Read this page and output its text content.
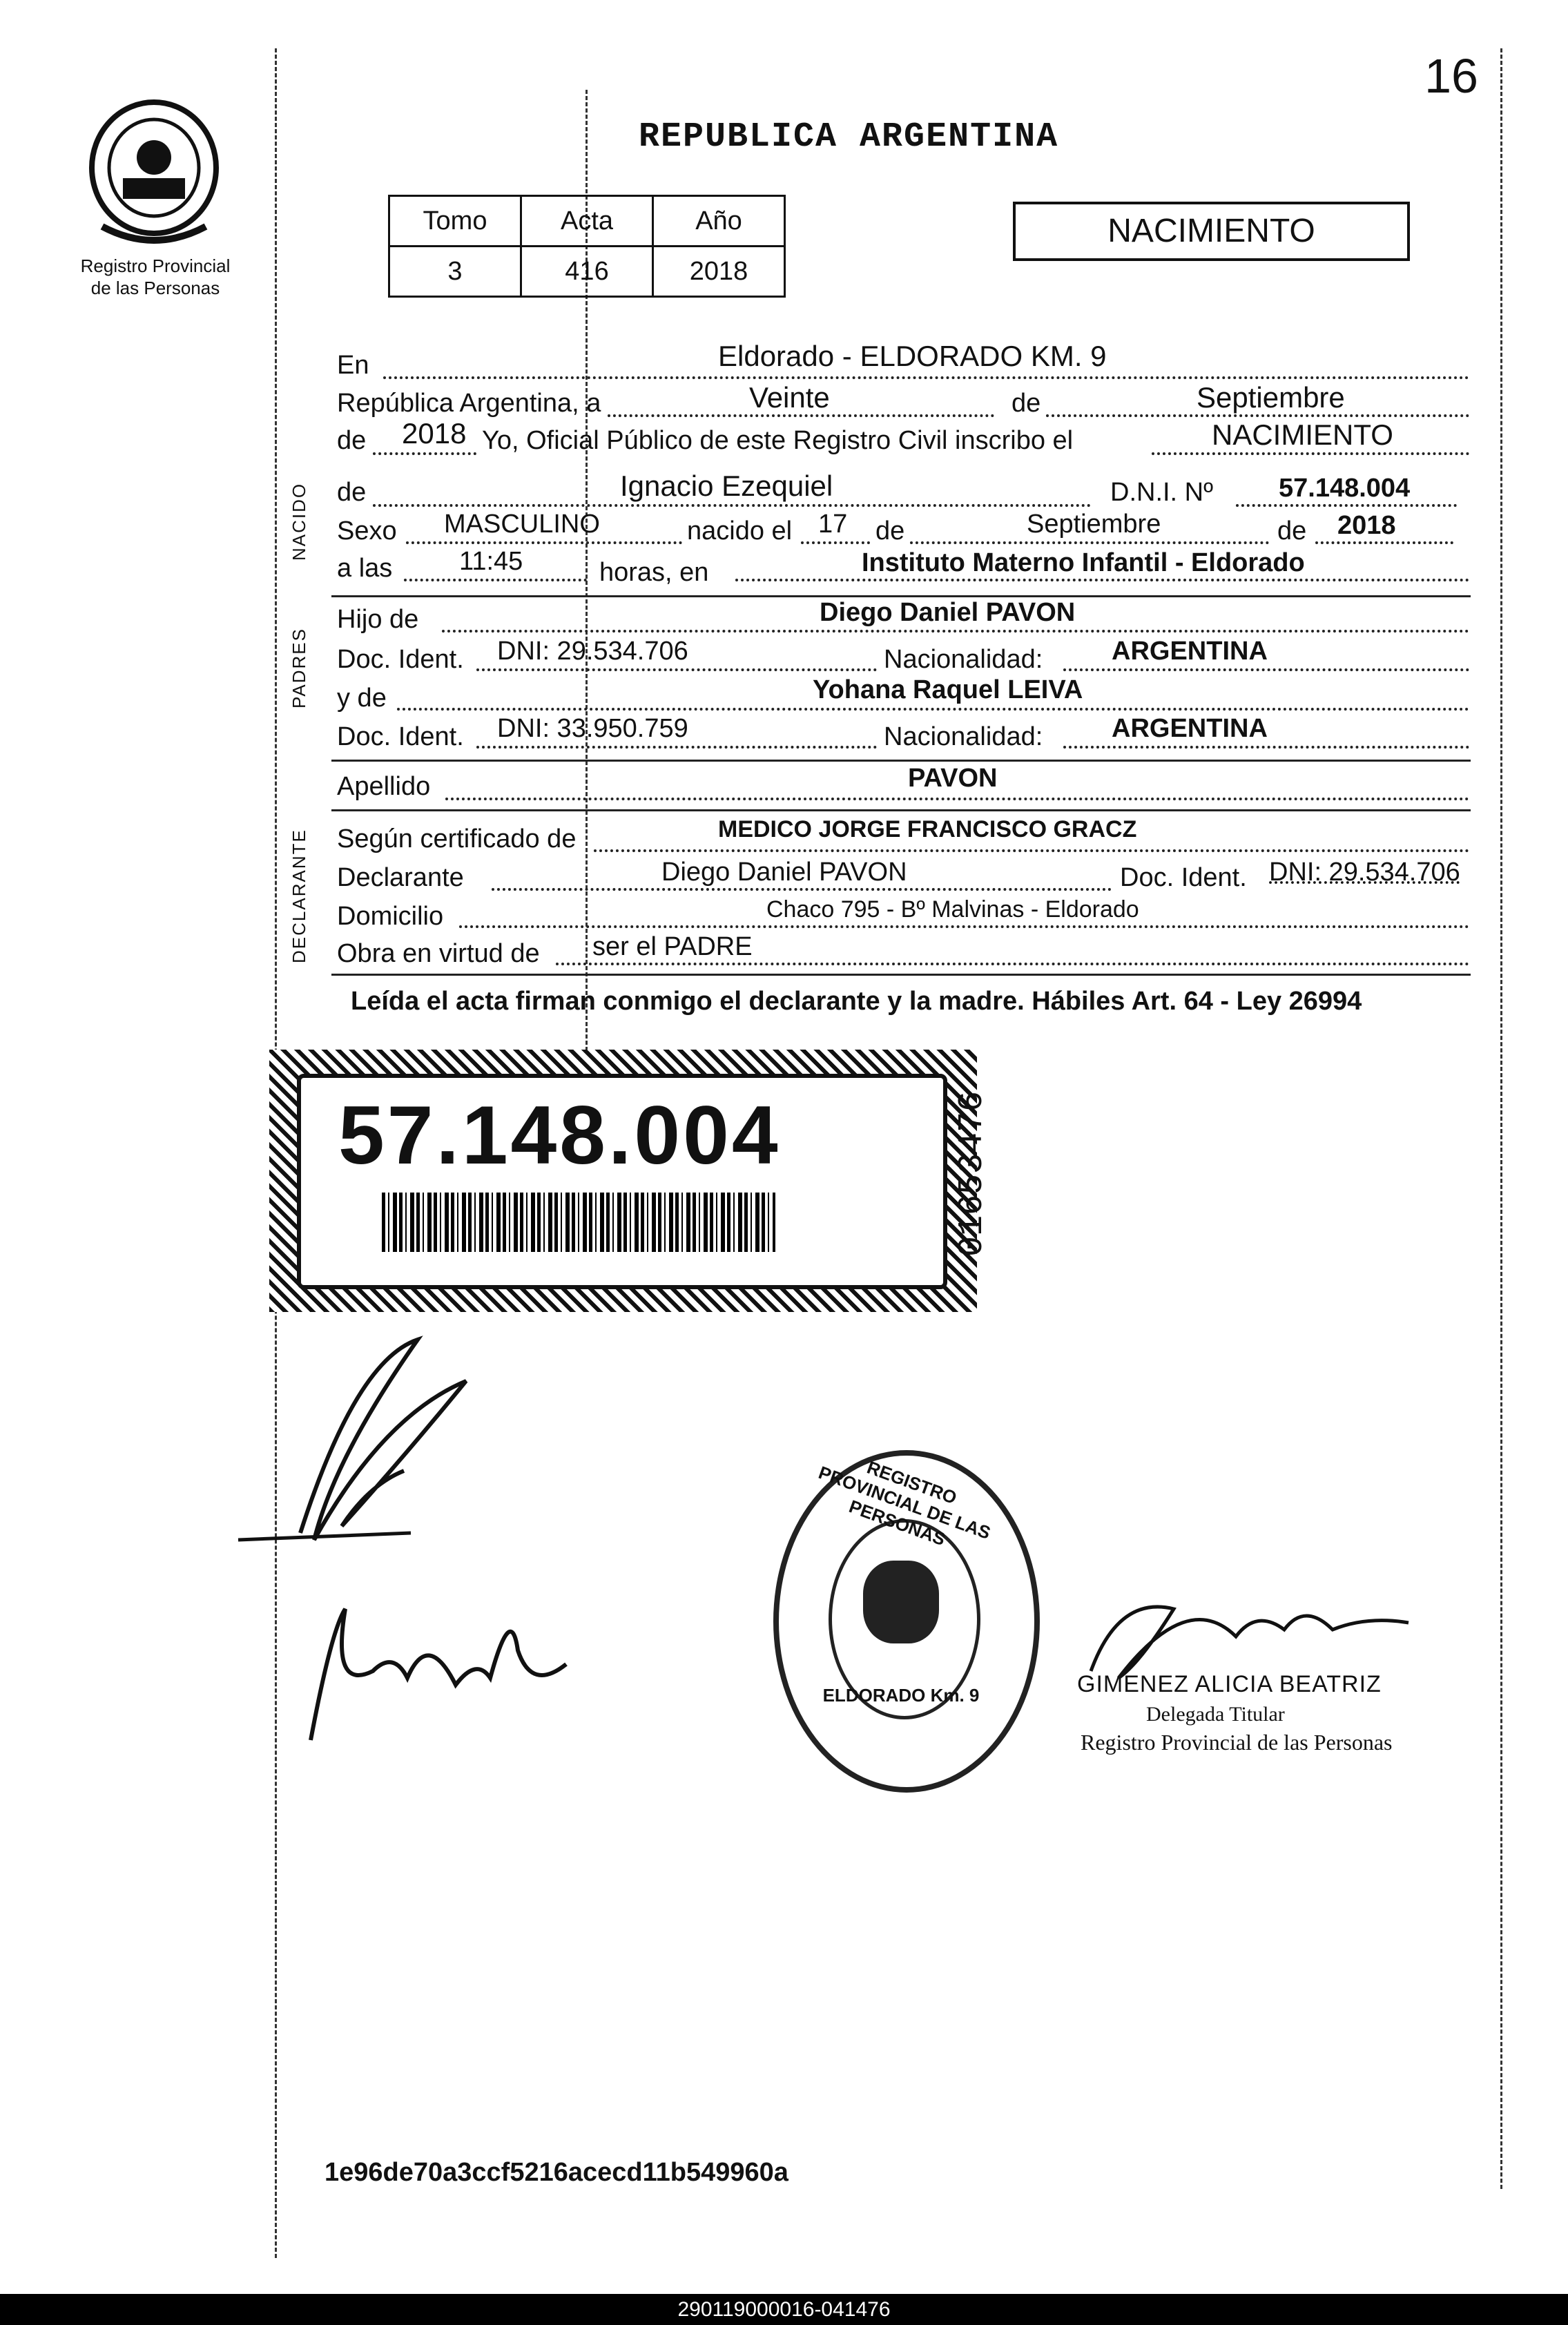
16
Registro Provincial
de las Personas
REPUBLICA ARGENTINA
Tomo	Acta	Año
3	416	2018
NACIMIENTO
En	Eldorado - ELDORADO KM. 9
República Argentina, a	Veinte	de	Septiembre
de 2018 Yo, Oficial Público de este Registro Civil inscribo el	NACIMIENTO
NACIDO de	Ignacio Ezequiel	D.N.I. Nº	57.148.004
Sexo MASCULINO	nacido el 17 de	Septiembre	de 2018
a las	11:45	horas, en	Instituto Materno Infantil - Eldorado
PADRES
Hijo de	Diego Daniel PAVON
Doc. Ident. DNI: 29.534.706	Nacionalidad:	ARGENTINA
y de	Yohana Raquel LEIVA
Doc. Ident. DNI: 33.950.759	Nacionalidad:	ARGENTINA
Apellido	PAVON
DECLARANTE Según certificado de	MEDICO JORGE FRANCISCO GRACZ
Declarante	Diego Daniel PAVON	Doc. Ident. DNI: 29.534.706
Domicilio	Chaco 795 - Bº Malvinas - Eldorado
Obra en virtud de ser el PADRE
Leída el acta firman conmigo el declarante y la madre. Hábiles Art. 64 - Ley 26994
57.148.004	01653476
REGISTRO PROVINCIAL DE LAS PERSONAS
ELDORADO Km. 9	GIMENEZ ALICIA BEATRIZ
Delegada Titular
Registro Provincial de las Personas
1e96de70a3ccf5216acecd11b549960a
290119000016-041476
